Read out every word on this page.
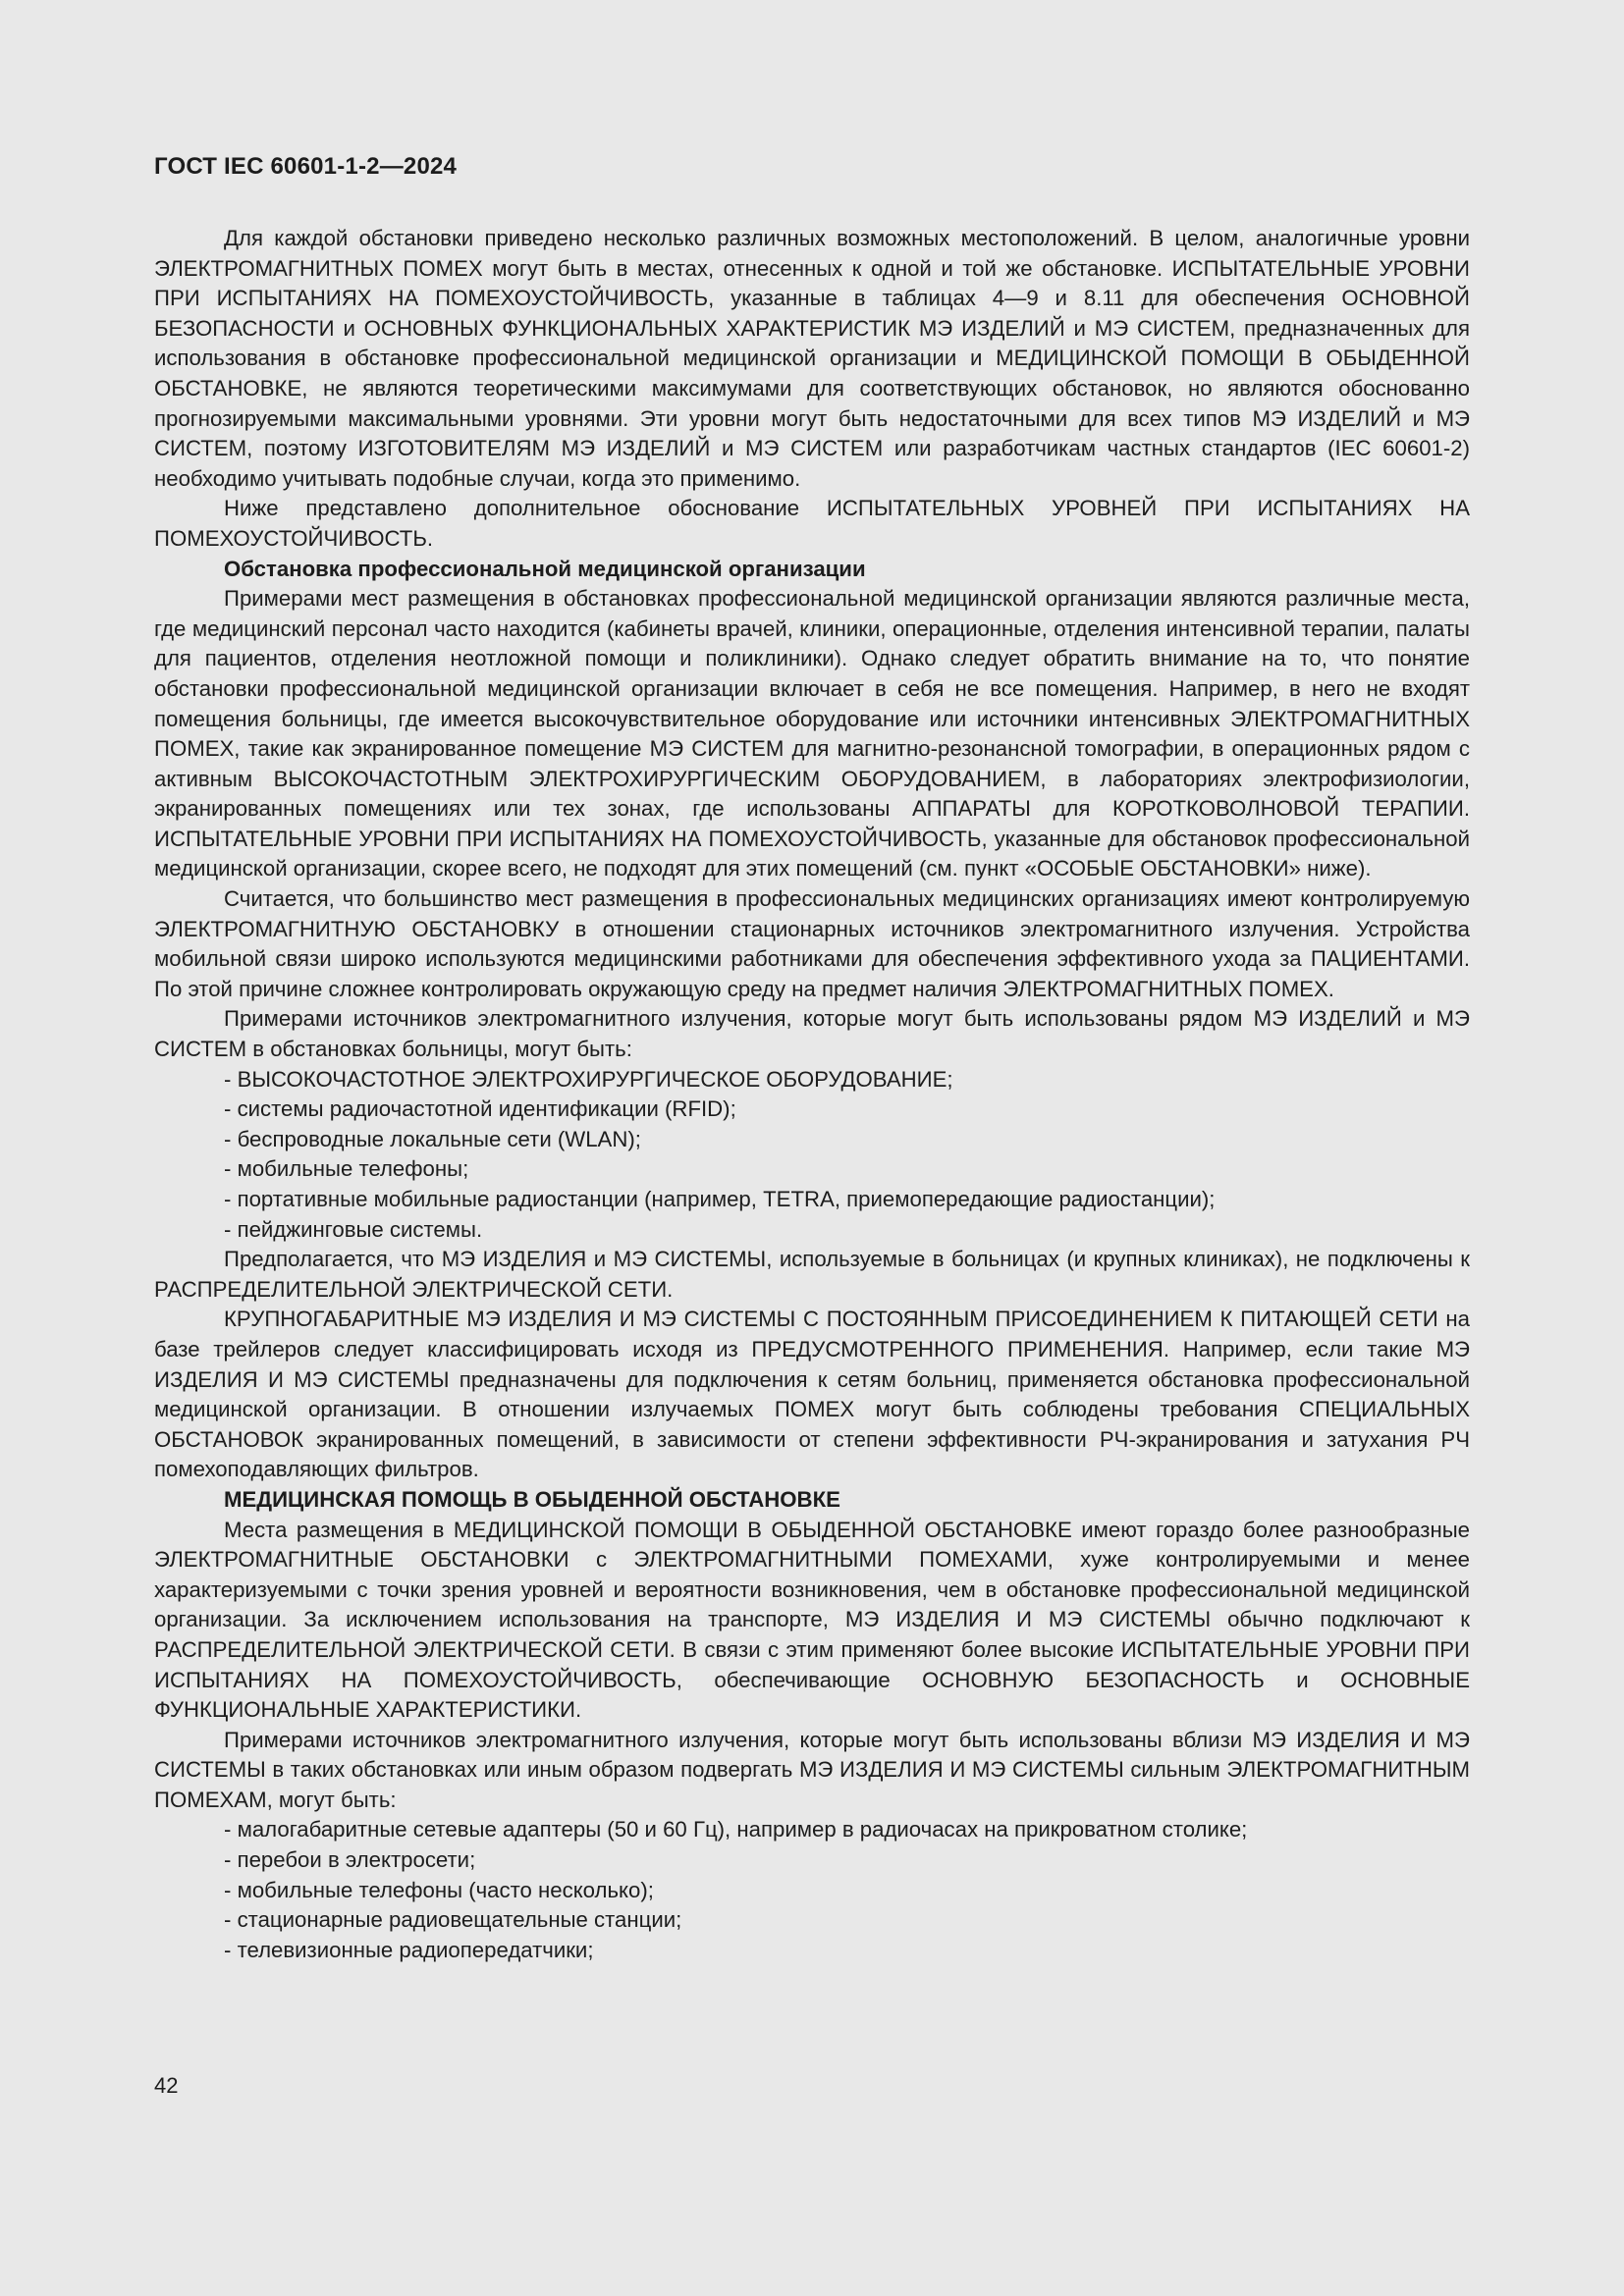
ГОСТ IEC 60601-1-2—2024

Для каждой обстановки приведено несколько различных возможных местоположений. В целом, аналогичные уровни ЭЛЕКТРОМАГНИТНЫХ ПОМЕХ могут быть в местах, отнесенных к одной и той же обстановке. ИСПЫТАТЕЛЬНЫЕ УРОВНИ ПРИ ИСПЫТАНИЯХ НА ПОМЕХОУСТОЙЧИВОСТЬ, указанные в таблицах 4—9 и 8.11 для обеспечения ОСНОВНОЙ БЕЗОПАСНОСТИ и ОСНОВНЫХ ФУНКЦИОНАЛЬНЫХ ХАРАКТЕРИСТИК МЭ ИЗДЕЛИЙ и МЭ СИСТЕМ, предназначенных для использования в обстановке профессиональной медицинской организации и МЕДИЦИНСКОЙ ПОМОЩИ В ОБЫДЕННОЙ ОБСТАНОВКЕ, не являются теоретическими максимумами для соответствующих обстановок, но являются обоснованно прогнозируемыми максимальными уровнями. Эти уровни могут быть недостаточными для всех типов МЭ ИЗДЕЛИЙ и МЭ СИСТЕМ, поэтому ИЗГОТОВИТЕЛЯМ МЭ ИЗДЕЛИЙ и МЭ СИСТЕМ или разработчикам частных стандартов (IEC 60601-2) необходимо учитывать подобные случаи, когда это применимо.

Ниже представлено дополнительное обоснование ИСПЫТАТЕЛЬНЫХ УРОВНЕЙ ПРИ ИСПЫТАНИЯХ НА ПОМЕХОУСТОЙЧИВОСТЬ.

Обстановка профессиональной медицинской организации

Примерами мест размещения в обстановках профессиональной медицинской организации являются различные места, где медицинский персонал часто находится (кабинеты врачей, клиники, операционные, отделения интенсивной терапии, палаты для пациентов, отделения неотложной помощи и поликлиники). Однако следует обратить внимание на то, что понятие обстановки профессиональной медицинской организации включает в себя не все помещения. Например, в него не входят помещения больницы, где имеется высокочувствительное оборудование или источники интенсивных ЭЛЕКТРОМАГНИТНЫХ ПОМЕХ, такие как экранированное помещение МЭ СИСТЕМ для магнитно-резонансной томографии, в операционных рядом с активным ВЫСОКОЧАСТОТНЫМ ЭЛЕКТРОХИРУРГИЧЕСКИМ ОБОРУДОВАНИЕМ, в лабораториях электрофизиологии, экранированных помещениях или тех зонах, где использованы АППАРАТЫ для КОРОТКОВОЛНОВОЙ ТЕРАПИИ. ИСПЫТАТЕЛЬНЫЕ УРОВНИ ПРИ ИСПЫТАНИЯХ НА ПОМЕХОУСТОЙЧИВОСТЬ, указанные для обстановок профессиональной медицинской организации, скорее всего, не подходят для этих помещений (см. пункт «ОСОБЫЕ ОБСТАНОВКИ» ниже).

Считается, что большинство мест размещения в профессиональных медицинских организациях имеют контролируемую ЭЛЕКТРОМАГНИТНУЮ ОБСТАНОВКУ в отношении стационарных источников электромагнитного излучения. Устройства мобильной связи широко используются медицинскими работниками для обеспечения эффективного ухода за ПАЦИЕНТАМИ. По этой причине сложнее контролировать окружающую среду на предмет наличия ЭЛЕКТРОМАГНИТНЫХ ПОМЕХ.

Примерами источников электромагнитного излучения, которые могут быть использованы рядом МЭ ИЗДЕЛИЙ и МЭ СИСТЕМ в обстановках больницы, могут быть:

- ВЫСОКОЧАСТОТНОЕ ЭЛЕКТРОХИРУРГИЧЕСКОЕ ОБОРУДОВАНИЕ;
- системы радиочастотной идентификации (RFID);
- беспроводные локальные сети (WLAN);
- мобильные телефоны;
- портативные мобильные радиостанции (например, TETRA, приемопередающие радиостанции);
- пейджинговые системы.

Предполагается, что МЭ ИЗДЕЛИЯ и МЭ СИСТЕМЫ, используемые в больницах (и крупных клиниках), не подключены к РАСПРЕДЕЛИТЕЛЬНОЙ ЭЛЕКТРИЧЕСКОЙ СЕТИ.

КРУПНОГАБАРИТНЫЕ МЭ ИЗДЕЛИЯ И МЭ СИСТЕМЫ С ПОСТОЯННЫМ ПРИСОЕДИНЕНИЕМ К ПИТАЮЩЕЙ СЕТИ на базе трейлеров следует классифицировать исходя из ПРЕДУСМОТРЕННОГО ПРИМЕНЕНИЯ. Например, если такие МЭ ИЗДЕЛИЯ И МЭ СИСТЕМЫ предназначены для подключения к сетям больниц, применяется обстановка профессиональной медицинской организации. В отношении излучаемых ПОМЕХ могут быть соблюдены требования СПЕЦИАЛЬНЫХ ОБСТАНОВОК экранированных помещений, в зависимости от степени эффективности РЧ-экранирования и затухания РЧ помехоподавляющих фильтров.

МЕДИЦИНСКАЯ ПОМОЩЬ В ОБЫДЕННОЙ ОБСТАНОВКЕ

Места размещения в МЕДИЦИНСКОЙ ПОМОЩИ В ОБЫДЕННОЙ ОБСТАНОВКЕ имеют гораздо более разнообразные ЭЛЕКТРОМАГНИТНЫЕ ОБСТАНОВКИ с ЭЛЕКТРОМАГНИТНЫМИ ПОМЕХАМИ, хуже контролируемыми и менее характеризуемыми с точки зрения уровней и вероятности возникновения, чем в обстановке профессиональной медицинской организации. За исключением использования на транспорте, МЭ ИЗДЕЛИЯ И МЭ СИСТЕМЫ обычно подключают к РАСПРЕДЕЛИТЕЛЬНОЙ ЭЛЕКТРИЧЕСКОЙ СЕТИ. В связи с этим применяют более высокие ИСПЫТАТЕЛЬНЫЕ УРОВНИ ПРИ ИСПЫТАНИЯХ НА ПОМЕХОУСТОЙЧИВОСТЬ, обеспечивающие ОСНОВНУЮ БЕЗОПАСНОСТЬ и ОСНОВНЫЕ ФУНКЦИОНАЛЬНЫЕ ХАРАКТЕРИСТИКИ.

Примерами источников электромагнитного излучения, которые могут быть использованы вблизи МЭ ИЗДЕЛИЯ И МЭ СИСТЕМЫ в таких обстановках или иным образом подвергать МЭ ИЗДЕЛИЯ И МЭ СИСТЕМЫ сильным ЭЛЕКТРОМАГНИТНЫМ ПОМЕХАМ, могут быть:

- малогабаритные сетевые адаптеры (50 и 60 Гц), например в радиочасах на прикроватном столике;
- перебои в электросети;
- мобильные телефоны (часто несколько);
- стационарные радиовещательные станции;
- телевизионные радиопередатчики;
42
